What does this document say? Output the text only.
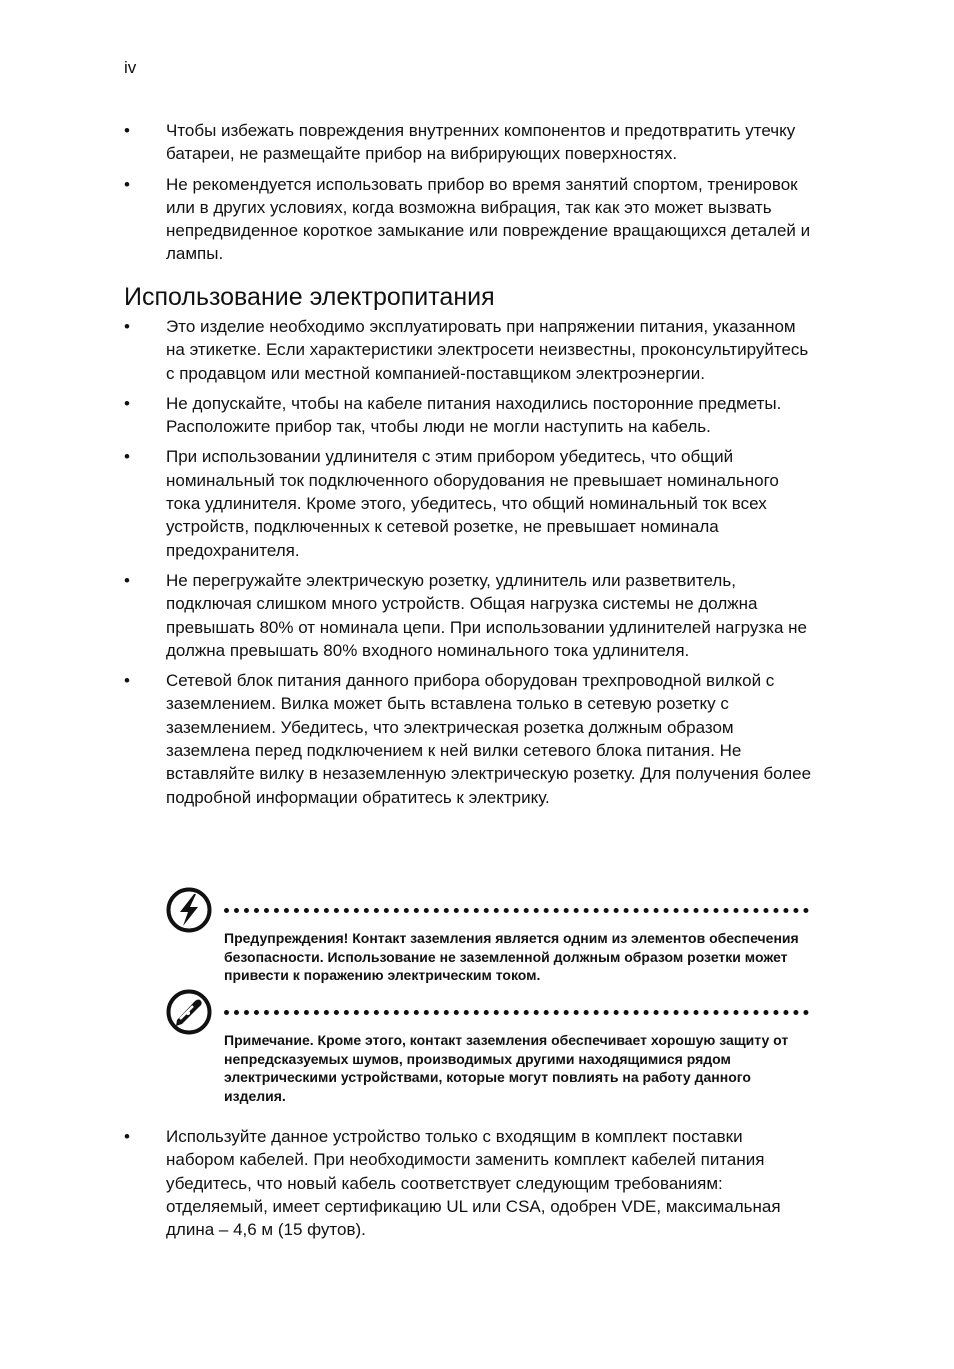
iv
• Чтобы избежать повреждения внутренних компонентов и предотвратить утечку батареи, не размещайте прибор на вибрирующих поверхностях.
• Не рекомендуется использовать прибор во время занятий спортом, тренировок или в других условиях, когда возможна вибрация, так как это может вызвать непредвиденное короткое замыкание или повреждение вращающихся деталей и лампы.
Использование электропитания
• Это изделие необходимо эксплуатировать при напряжении питания, указанном на этикетке. Если характеристики электросети неизвестны, проконсультируйтесь с продавцом или местной компанией-поставщиком электроэнергии.
• Не допускайте, чтобы на кабеле питания находились посторонние предметы. Расположите прибор так, чтобы люди не могли наступить на кабель.
• При использовании удлинителя с этим прибором убедитесь, что общий номинальный ток подключенного оборудования не превышает номинального тока удлинителя. Кроме этого, убедитесь, что общий номинальный ток всех устройств, подключенных к сетевой розетке, не превышает номинала предохранителя.
• Не перегружайте электрическую розетку, удлинитель или разветвитель, подключая слишком много устройств. Общая нагрузка системы не должна превышать 80% от номинала цепи. При использовании удлинителей нагрузка не должна превышать 80% входного номинального тока удлинителя.
• Сетевой блок питания данного прибора оборудован трехпроводной вилкой с заземлением. Вилка может быть вставлена только в сетевую розетку с заземлением. Убедитесь, что электрическая розетка должным образом заземлена перед подключением к ней вилки сетевого блока питания. Не вставляйте вилку в незаземленную электрическую розетку. Для получения более подробной информации обратитесь к электрику.
Предупреждения! Контакт заземления является одним из элементов обеспечения безопасности. Использование не заземленной должным образом розетки может привести к поражению электрическим током.
Примечание. Кроме этого, контакт заземления обеспечивает хорошую защиту от непредсказуемых шумов, производимых другими находящимися рядом электрическими устройствами, которые могут повлиять на работу данного изделия.
• Используйте данное устройство только с входящим в комплект поставки набором кабелей. При необходимости заменить комплект кабелей питания убедитесь, что новый кабель соответствует следующим требованиям: отделяемый, имеет сертификацию UL или CSA, одобрен VDE, максимальная длина – 4,6 м (15 футов).
